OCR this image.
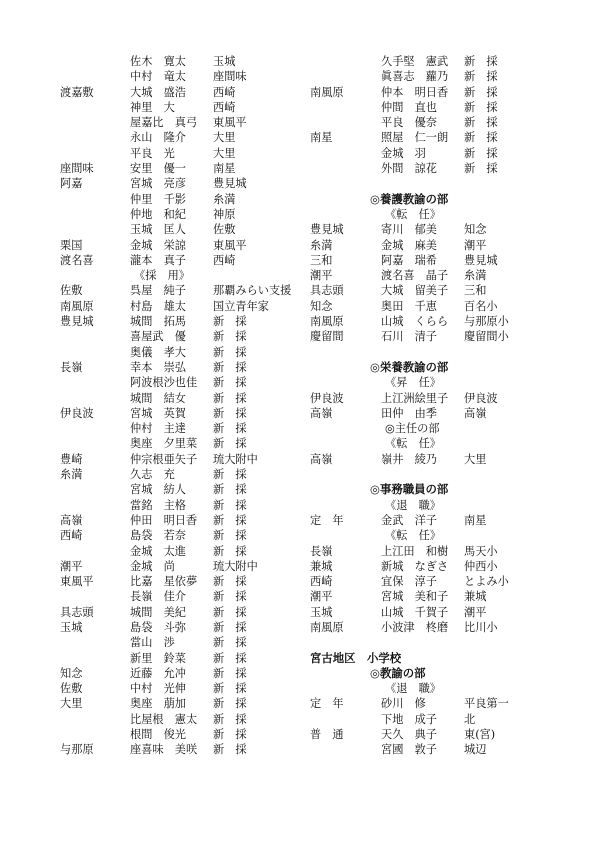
佐木　寛太 玉城
中村　竜太 座間味
渡嘉敷	大城　盛浩 西崎
神里　大	西崎
屋嘉比　真弓 東風平
永山　隆介 大里
平良　光	大里
座間味	安里　優一 南星
阿嘉	宮城　亮彦 豊見城
仲里　千影 糸満
仲地　和紀 神原
玉城　匡人 佐敷
栗国	金城　栄諒 東風平
渡名喜	瀧本　真子 西崎
《採　用》
佐敷	呉屋　純子 那覇みらい支援
南風原	村島　雄太 国立青年家
豊見城	城間　拓馬 新　採
喜屋武　優 新　採
奥儀　孝大 新　採
長嶺	幸本　崇弘 新　採
阿波根沙也佳 新　採
城間　結女 新　採
伊良波	宮城　英賀 新　採
仲村　主達 新　採
奥座　夕里菜 新　採
豊崎	仲宗根亜矢子 琉大附中
糸満	久志　充	新　採
宮城　紡人 新　採
當銘　主格 新　採
高嶺	仲田　明日香 新　採
西崎	島袋　若奈 新　採
金城　太進 新　採
潮平	金城　尚	琉大附中
東風平	比嘉　星依夢 新　採
長嶺　佳介 新　採
具志頭	城間　美紀 新　採
玉城	島袋　斗弥 新　採
當山　渉	新　採
新里　鈴菜 新　採
知念	近藤　允冲 新　採
佐敷	中村　光伸 新　採
大里	奥座　萠加 新　採
比屋根　憲太 新　採
根間　俊光 新　採
与那原	座喜味　美咲 新　採
久手堅　憲武 新　採
眞喜志　蘿乃 新　採
南風原	仲本　明日香 新　採
仲間　直也 新　採
平良　優奈 新　採
南星	照屋　仁一朗 新　採
金城　羽	新　採
外間　諒花 新　採
◎養護教諭の部
《転　任》
豊見城	寄川　郁美 知念
糸満	金城　麻美 潮平
三和	阿嘉　瑞希 豊見城
潮平	渡名喜　晶子 糸満
具志頭	大城　留美子 三和
知念	奥田　千恵 百名小
南風原	山城　くらら 与那原小
慶留間	石川　清子 慶留間小
◎栄養教諭の部
《昇　任》
伊良波	上江洲絵里子 伊良波
高嶺	田仲　由季 高嶺
◎主任の部
《転　任》
高嶺	嶺井　綾乃 大里
◎事務職員の部
《退　職》
定　年	金武　洋子 南星
《転　任》
長嶺	上江田　和樹 馬天小
兼城	新城　なぎさ 仲西小
西崎	宜保　淳子 とよみ小
潮平	宮城　美和子 兼城
玉城	山城　千賀子 潮平
南風原	小波津　柊磨 比川小
宮古地区　小学校
◎教諭の部
《退　職》
定　年	砂川　修	平良第一
下地　成子 北
普　通	天久　典子 東(宮)
宮國　敦子 城辺
